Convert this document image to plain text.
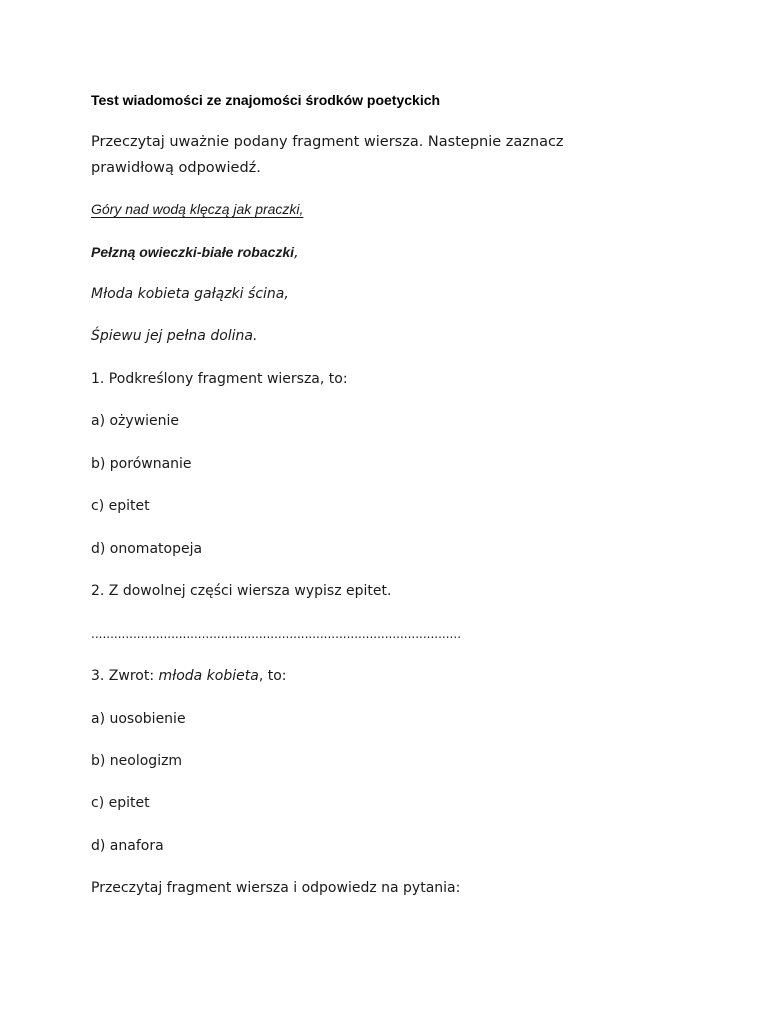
Test wiadomości ze znajomości środków poetyckich

Przeczytaj uważnie podany fragment wiersza. Nastepnie zaznacz prawidłową odpowiedź.

Góry nad wodą klęczą jak praczki,

Pełzną owieczki-białe robaczki,

Młoda kobieta gałązki ścina,

Śpiewu jej pełna dolina.

1. Podkreślony fragment wiersza, to:

a) ożywienie

b) porównanie

c) epitet

d) onomatopeja

2. Z dowolnej części wiersza wypisz epitet.

.................................................................................................

3. Zwrot: młoda kobieta, to:

a) uosobienie

b) neologizm

c) epitet

d) anafora

Przeczytaj fragment wiersza i odpowiedz na pytania:
